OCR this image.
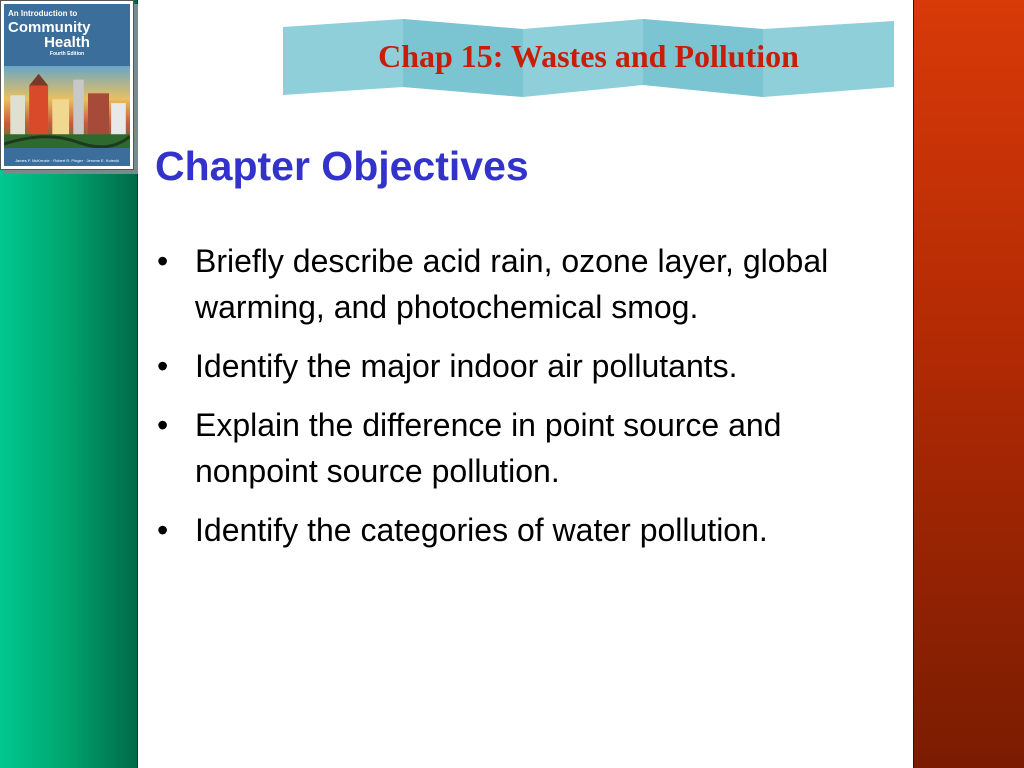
An Introduction to
Community
Health
Fourth Edition
James F. McKenzie · Robert R. Pinger · Jerome E. Kotecki
Chap 15: Wastes and Pollution
Chapter Objectives
• Briefly describe acid rain, ozone layer, global warming, and photochemical smog.
• Identify the major indoor air pollutants.
• Explain the difference in point source and nonpoint source pollution.
• Identify the categories of water pollution.
